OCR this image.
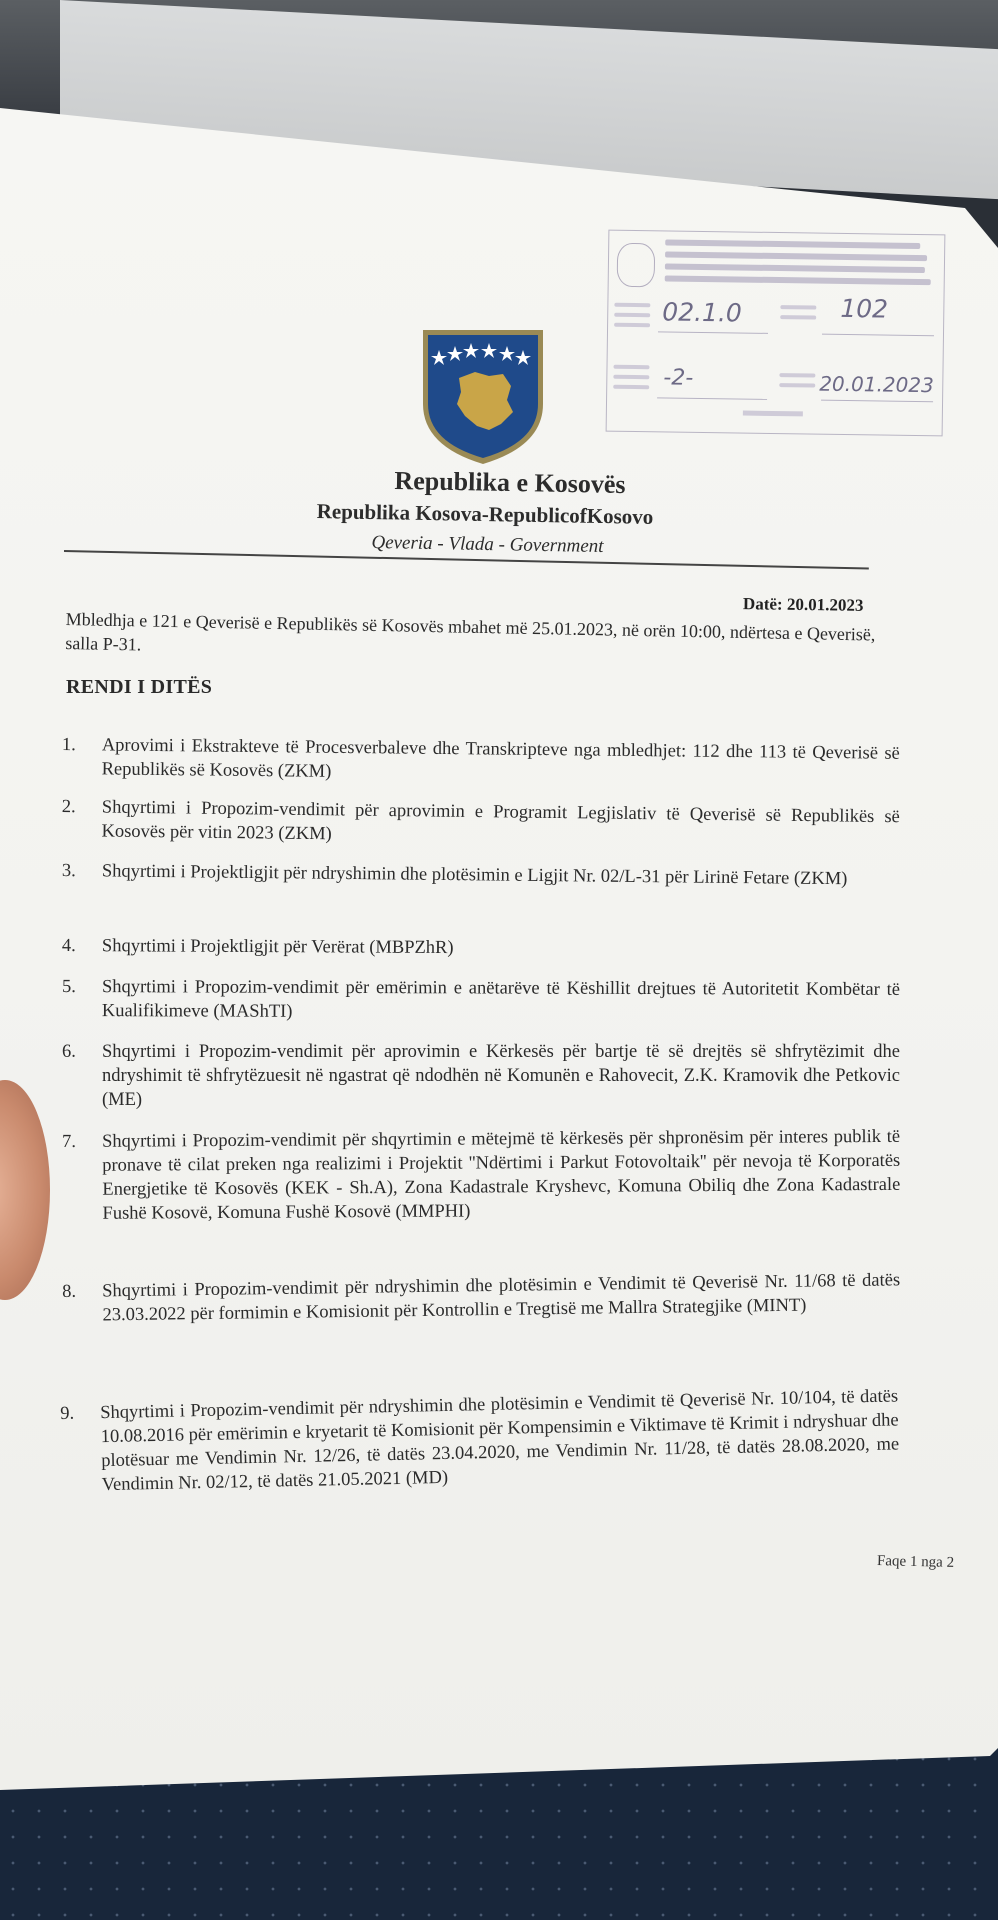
02.1.0	102
-2-	20.01.2023
Republika e Kosovës
Republika Kosova-RepublicofKosovo
Qeveria - Vlada - Government
Datë: 20.01.2023
Mbledhja e 121 e Qeverisë e Republikës së Kosovës mbahet më 25.01.2023, në orën 10:00, ndërtesa e Qeverisë, salla P-31.
RENDI I DITËS
1.	Aprovimi i Ekstrakteve të Procesverbaleve dhe Transkripteve nga mbledhjet: 112 dhe 113 të Qeverisë së Republikës së Kosovës (ZKM)
2.	Shqyrtimi i Propozim-vendimit për aprovimin e Programit Legjislativ të Qeverisë së Republikës së Kosovës për vitin 2023 (ZKM)
3.	Shqyrtimi i Projektligjit për ndryshimin dhe plotësimin e Ligjit Nr. 02/L-31 për Lirinë Fetare (ZKM)
4.	Shqyrtimi i Projektligjit për Verërat (MBPZhR)
5.	Shqyrtimi i Propozim-vendimit për emërimin e anëtarëve të Këshillit drejtues të Autoritetit Kombëtar të Kualifikimeve (MAShTI)
6.	Shqyrtimi i Propozim-vendimit për aprovimin e Kërkesës për bartje të së drejtës së shfrytëzimit dhe ndryshimit të shfrytëzuesit në ngastrat që ndodhën në Komunën e Rahovecit, Z.K. Kramovik dhe Petkovic (ME)
7.	Shqyrtimi i Propozim-vendimit për shqyrtimin e mëtejmë të kërkesës për shpronësim për interes publik të pronave të cilat preken nga realizimi i Projektit ''Ndërtimi i Parkut Fotovoltaik'' për nevoja të Korporatës Energjetike të Kosovës (KEK - Sh.A), Zona Kadastrale Kryshevc, Komuna Obiliq dhe Zona Kadastrale Fushë Kosovë, Komuna Fushë Kosovë (MMPHI)
8.	Shqyrtimi i Propozim-vendimit për ndryshimin dhe plotësimin e Vendimit të Qeverisë Nr. 11/68 të datës 23.03.2022 për formimin e Komisionit për Kontrollin e Tregtisë me Mallra Strategjike (MINT)
9.	Shqyrtimi i Propozim-vendimit për ndryshimin dhe plotësimin e Vendimit të Qeverisë Nr. 10/104, të datës 10.08.2016 për emërimin e kryetarit të Komisionit për Kompensimin e Viktimave të Krimit i ndryshuar dhe plotësuar me Vendimin Nr. 12/26, të datës 23.04.2020, me Vendimin Nr. 11/28, të datës 28.08.2020, me Vendimin Nr. 02/12, të datës 21.05.2021 (MD)
Faqe 1 nga 2
